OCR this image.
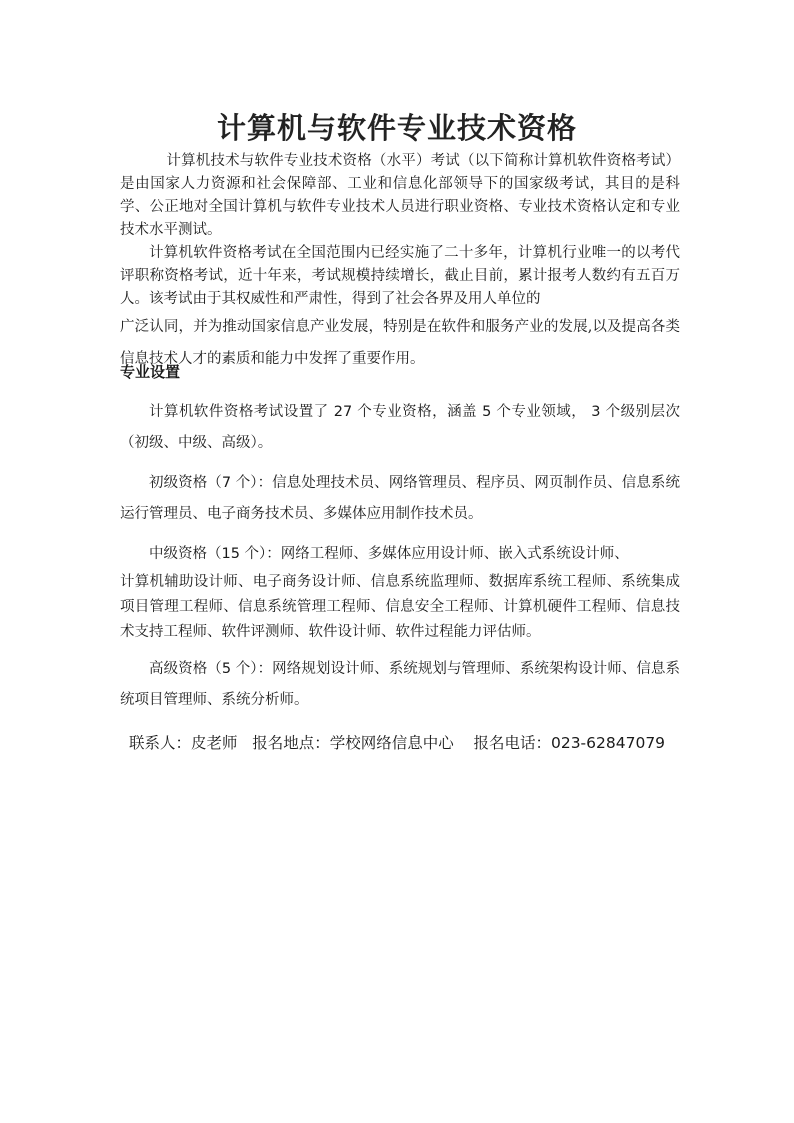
计算机与软件专业技术资格

计算机技术与软件专业技术资格（水平）考试（以下简称计算机软件资格考试）是由国家人力资源和社会保障部、工业和信息化部领导下的国家级考试，其目的是科学、公正地对全国计算机与软件专业技术人员进行职业资格、专业技术资格认定和专业技术水平测试。

计算机软件资格考试在全国范围内已经实施了二十多年，计算机行业唯一的以考代评职称资格考试，近十年来，考试规模持续增长，截止目前，累计报考人数约有五百万人。该考试由于其权威性和严肃性，得到了社会各界及用人单位的

广泛认同，并为推动国家信息产业发展，特别是在软件和服务产业的发展,以及提高各类信息技术人才的素质和能力中发挥了重要作用。

专业设置

计算机软件资格考试设置了 27 个专业资格，涵盖 5 个专业领域， 3 个级别层次（初级、中级、高级）。

初级资格（7 个）：信息处理技术员、网络管理员、程序员、网页制作员、信息系统运行管理员、电子商务技术员、多媒体应用制作技术员。

中级资格（15 个）：网络工程师、多媒体应用设计师、嵌入式系统设计师、

计算机辅助设计师、电子商务设计师、信息系统监理师、数据库系统工程师、系统集成项目管理工程师、信息系统管理工程师、信息安全工程师、计算机硬件工程师、信息技术支持工程师、软件评测师、软件设计师、软件过程能力评估师。

高级资格（5 个）：网络规划设计师、系统规划与管理师、系统架构设计师、信息系统项目管理师、系统分析师。

联系人：皮老师 报名地点：学校网络信息中心 报名电话：023-62847079
